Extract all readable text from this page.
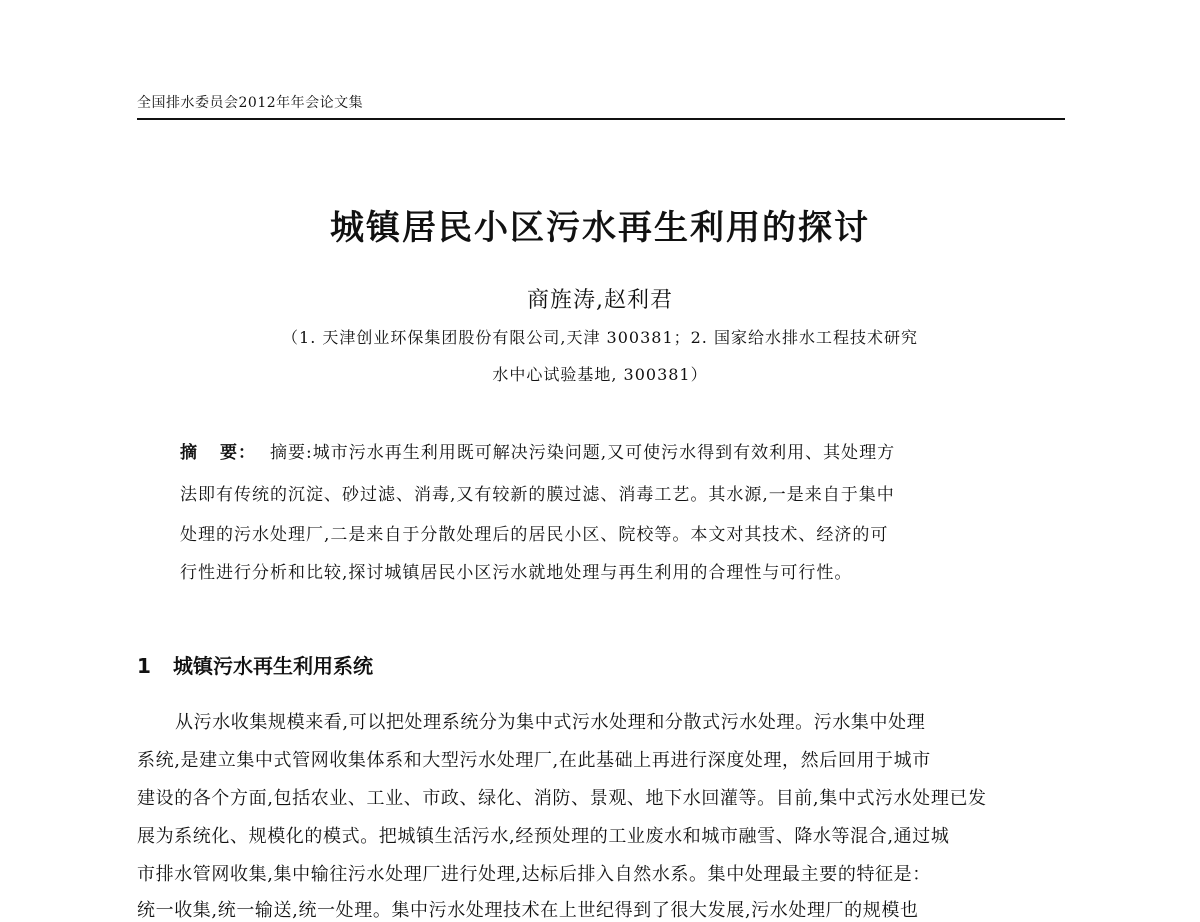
全国排水委员会2012年年会论文集
城镇居民小区污水再生利用的探讨
商旌涛,赵利君
（1. 天津创业环保集团股份有限公司,天津 300381；2. 国家给水排水工程技术研究
水中心试验基地, 300381）
摘 要： 摘要:城市污水再生利用既可解决污染问题,又可使污水得到有效利用、其处理方
法即有传统的沉淀、砂过滤、消毒,又有较新的膜过滤、消毒工艺。其水源,一是来自于集中
处理的污水处理厂,二是来自于分散处理后的居民小区、院校等。本文对其技术、经济的可
行性进行分析和比较,探讨城镇居民小区污水就地处理与再生利用的合理性与可行性。
1 城镇污水再生利用系统
从污水收集规模来看,可以把处理系统分为集中式污水处理和分散式污水处理。污水集中处理
系统,是建立集中式管网收集体系和大型污水处理厂,在此基础上再进行深度处理，然后回用于城市
建设的各个方面,包括农业、工业、市政、绿化、消防、景观、地下水回灌等。目前,集中式污水处理已发
展为系统化、规模化的模式。把城镇生活污水,经预处理的工业废水和城市融雪、降水等混合,通过城
市排水管网收集,集中输往污水处理厂进行处理,达标后排入自然水系。集中处理最主要的特征是：
统一收集,统一输送,统一处理。集中污水处理技术在上世纪得到了很大发展,污水处理厂的规模也
